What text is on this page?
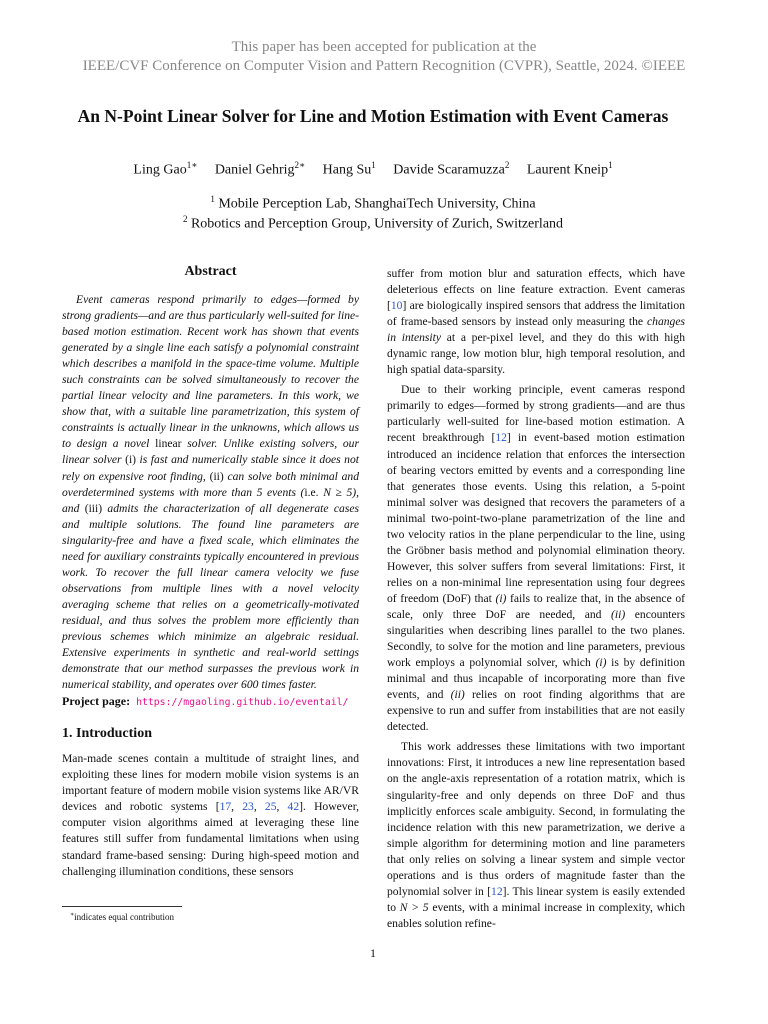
This paper has been accepted for publication at the
IEEE/CVF Conference on Computer Vision and Pattern Recognition (CVPR), Seattle, 2024. ©IEEE
An N-Point Linear Solver for Line and Motion Estimation with Event Cameras
Ling Gao$^{1∗}$ Daniel Gehrig$^{2∗}$ Hang Su$^1$ Davide Scaramuzza$^2$ Laurent Kneip$^1$
$^1$ Mobile Perception Lab, ShanghaiTech University, China
$^2$ Robotics and Perception Group, University of Zurich, Switzerland
Abstract

Event cameras respond primarily to edges—formed by strong gradients—and are thus particularly well-suited for line-based motion estimation. Recent work has shown that events generated by a single line each satisfy a polynomial constraint which describes a manifold in the space-time volume. Multiple such constraints can be solved simultaneously to recover the partial linear velocity and line parameters. In this work, we show that, with a suitable line parametrization, this system of constraints is actually linear in the unknowns, which allows us to design a novel linear solver. Unlike existing solvers, our linear solver (i) is fast and numerically stable since it does not rely on expensive root finding, (ii) can solve both minimal and overdetermined systems with more than 5 events (i.e. N ≥ 5), and (iii) admits the characterization of all degenerate cases and multiple solutions. The found line parameters are singularity-free and have a fixed scale, which eliminates the need for auxiliary constraints typically encountered in previous work. To recover the full linear camera velocity we fuse observations from multiple lines with a novel velocity averaging scheme that relies on a geometrically-motivated residual, and thus solves the problem more efficiently than previous schemes which minimize an algebraic residual. Extensive experiments in synthetic and real-world settings demonstrate that our method surpasses the previous work in numerical stability, and operates over 600 times faster.

Project page: https://mgaoling.github.io/eventail/

1. Introduction

Man-made scenes contain a multitude of straight lines, and exploiting these lines for modern mobile vision systems is an important feature of modern mobile vision systems like AR/VR devices and robotic systems [17, 23, 25, 42]. However, computer vision algorithms aimed at leveraging these line features still suffer from fundamental limitations when using standard frame-based sensing: During high-speed motion and challenging illumination conditions, these sensors

∗indicates equal contribution

suffer from motion blur and saturation effects, which have deleterious effects on line feature extraction. Event cameras [10] are biologically inspired sensors that address the limitation of frame-based sensors by instead only measuring the changes in intensity at a per-pixel level, and they do this with high dynamic range, low motion blur, high temporal resolution, and high spatial data-sparsity.

Due to their working principle, event cameras respond primarily to edges—formed by strong gradients—and are thus particularly well-suited for line-based motion estimation. A recent breakthrough [12] in event-based motion estimation introduced an incidence relation that enforces the intersection of bearing vectors emitted by events and a corresponding line that generates those events. Using this relation, a 5-point minimal solver was designed that recovers the parameters of a minimal two-point-two-plane parametrization of the line and two velocity ratios in the plane perpendicular to the line, using the Gröbner basis method and polynomial elimination theory. However, this solver suffers from several limitations: First, it relies on a non-minimal line representation using four degrees of freedom (DoF) that (i) fails to realize that, in the absence of scale, only three DoF are needed, and (ii) encounters singularities when describing lines parallel to the two planes. Secondly, to solve for the motion and line parameters, previous work employs a polynomial solver, which (i) is by definition minimal and thus incapable of incorporating more than five events, and (ii) relies on root finding algorithms that are expensive to run and suffer from instabilities that are not easily detected.

This work addresses these limitations with two important innovations: First, it introduces a new line representation based on the angle-axis representation of a rotation matrix, which is singularity-free and only depends on three DoF and thus implicitly enforces scale ambiguity. Second, in formulating the incidence relation with this new parametrization, we derive a simple algorithm for determining motion and line parameters that only relies on solving a linear system and simple vector operations and is thus orders of magnitude faster than the polynomial solver in [12]. This linear system is easily extended to N > 5 events, with a minimal increase in complexity, which enables solution refine-

1
